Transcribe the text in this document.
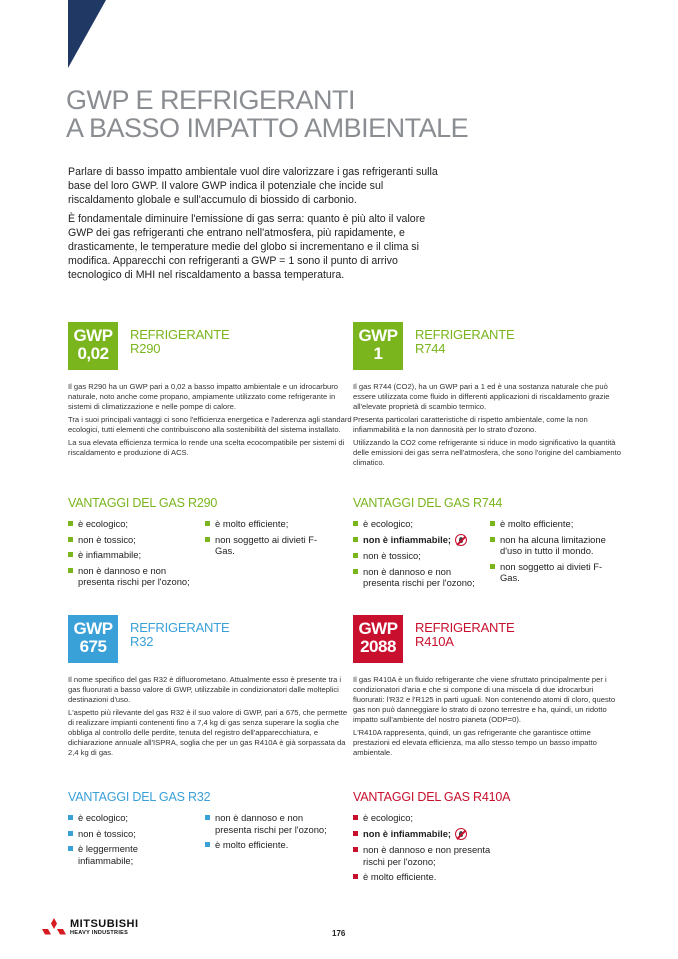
GWP E REFRIGERANTI
A BASSO IMPATTO AMBIENTALE

Parlare di basso impatto ambientale vuol dire valorizzare i gas refrigeranti sulla base del loro GWP. Il valore GWP indica il potenziale che incide sul riscaldamento globale e sull'accumulo di biossido di carbonio.

È fondamentale diminuire l'emissione di gas serra: quanto è più alto il valore GWP dei gas refrigeranti che entrano nell'atmosfera, più rapidamente, e drasticamente, le temperature medie del globo si incrementano e il clima si modifica. Apparecchi con refrigeranti a GWP = 1 sono il punto di arrivo tecnologico di MHI nel riscaldamento a bassa temperatura.

GWP
0,02
REFRIGERANTE
R290

Il gas R290 ha un GWP pari a 0,02 a basso impatto ambientale e un idrocarburo naturale, noto anche come propano, ampiamente utilizzato come refrigerante in sistemi di climatizzazione e nelle pompe di calore.

Tra i suoi principali vantaggi ci sono l'efficienza energetica e l'aderenza agli standard ecologici, tutti elementi che contribuiscono alla sostenibilità del sistema installato.

La sua elevata efficienza termica lo rende una scelta ecocompatibile per sistemi di riscaldamento e produzione di ACS.

VANTAGGI DEL GAS R290
è ecologico;
non è tossico;
è infiammabile;
non è dannoso e non presenta rischi per l'ozono;
è molto efficiente;
non soggetto ai divieti F-Gas.
GWP
1
REFRIGERANTE
R744

Il gas R744 (CO2), ha un GWP pari a 1 ed è una sostanza naturale che può essere utilizzata come fluido in differenti applicazioni di riscaldamento grazie all'elevate proprietà di scambio termico.

Presenta particolari caratteristiche di rispetto ambientale, come la non infiammabilità e la non dannosità per lo strato d'ozono.

Utilizzando la CO2 come refrigerante si riduce in modo significativo la quantità delle emissioni dei gas serra nell'atmosfera, che sono l'origine del cambiamento climatico.

VANTAGGI DEL GAS R744
è ecologico;
non è infiammabile;
non è tossico;
non è dannoso e non presenta rischi per l'ozono;
è molto efficiente;
non ha alcuna limitazione d'uso in tutto il mondo.
non soggetto ai divieti F-Gas.
GWP
675
REFRIGERANTE
R32

Il nome specifico del gas R32 è difluorometano. Attualmente esso è presente tra i gas fluorurati a basso valore di GWP, utilizzabile in condizionatori dalle molteplici destinazioni d'uso.

L'aspetto più rilevante del gas R32 è il suo valore di GWP, pari a 675, che permette di realizzare impianti contenenti fino a 7,4 kg di gas senza superare la soglia che obbliga al controllo delle perdite, tenuta del registro dell'apparecchiatura, e dichiarazione annuale all'ISPRA, soglia che per un gas R410A è già sorpassata da 2,4 kg di gas.

VANTAGGI DEL GAS R32
è ecologico;
non è tossico;
è leggermente infiammabile;
non è dannoso e non presenta rischi per l'ozono;
è molto efficiente.
GWP
2088
REFRIGERANTE
R410A

Il gas R410A è un fluido refrigerante che viene sfruttato principalmente per i condizionatori d'aria e che si compone di una miscela di due idrocarburi fluorurati: l'R32 e l'R125 in parti uguali. Non contenendo atomi di cloro, questo gas non può danneggiare lo strato di ozono terrestre e ha, quindi, un ridotto impatto sull'ambiente del nostro pianeta (ODP=0).

L'R410A rappresenta, quindi, un gas refrigerante che garantisce ottime prestazioni ed elevata efficienza, ma allo stesso tempo un basso impatto ambientale.

VANTAGGI DEL GAS R410A
è ecologico;
non è infiammabile;
non è dannoso e non presenta rischi per l'ozono;
è molto efficiente.
MITSUBISHI
HEAVY INDUSTRIES	176
